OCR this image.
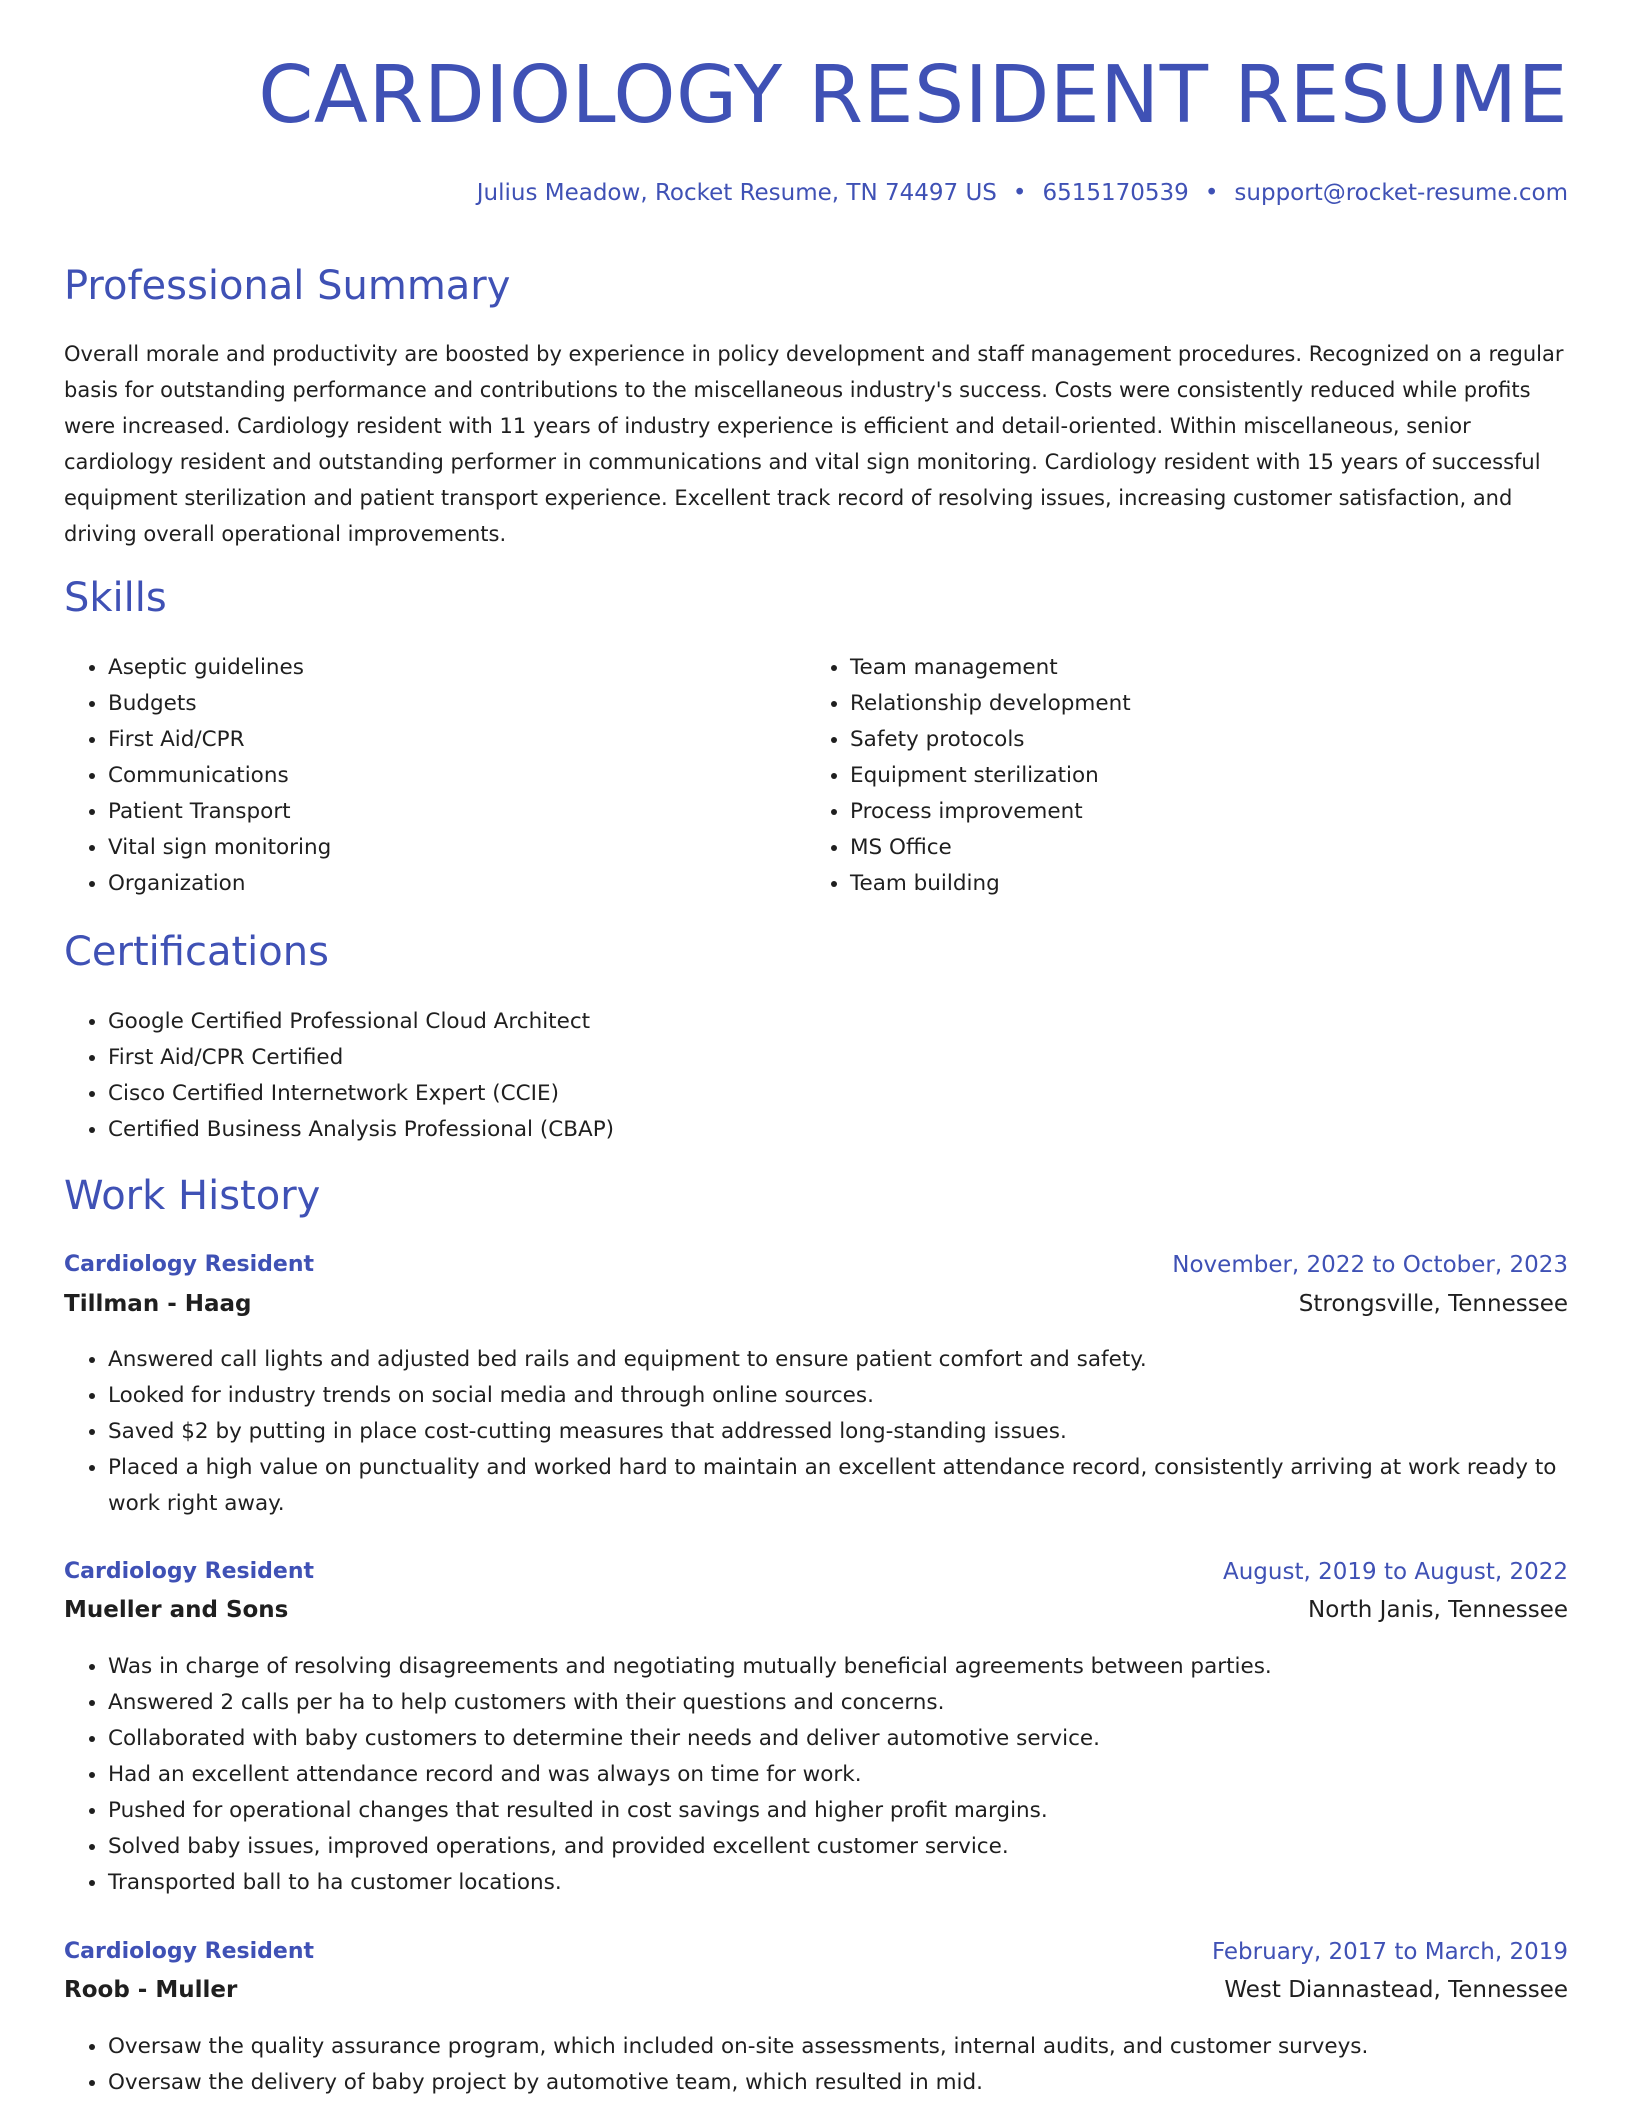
CARDIOLOGY RESIDENT RESUME
Julius Meadow, Rocket Resume, TN 74497 US • 6515170539 • support@rocket-resume.com
Professional Summary

Overall morale and productivity are boosted by experience in policy development and staff management procedures. Recognized on a regular basis for outstanding performance and contributions to the miscellaneous industry's success. Costs were consistently reduced while profits were increased. Cardiology resident with 11 years of industry experience is efficient and detail-oriented. Within miscellaneous, senior cardiology resident and outstanding performer in communications and vital sign monitoring. Cardiology resident with 15 years of successful equipment sterilization and patient transport experience. Excellent track record of resolving issues, increasing customer satisfaction, and driving overall operational improvements.

Skills
• Aseptic guidelines
• Budgets
• First Aid/CPR
• Communications
• Patient Transport
• Vital sign monitoring
• Organization
• Team management
• Relationship development
• Safety protocols
• Equipment sterilization
• Process improvement
• MS Office
• Team building
Certifications
• Google Certified Professional Cloud Architect
• First Aid/CPR Certified
• Cisco Certified Internetwork Expert (CCIE)
• Certified Business Analysis Professional (CBAP)
Work History
Cardiology Resident	November, 2022 to October, 2023
Tillman - Haag	Strongsville, Tennessee
• Answered call lights and adjusted bed rails and equipment to ensure patient comfort and safety.
• Looked for industry trends on social media and through online sources.
• Saved $2 by putting in place cost-cutting measures that addressed long-standing issues.
• Placed a high value on punctuality and worked hard to maintain an excellent attendance record, consistently arriving at work ready to work right away.
Cardiology Resident	August, 2019 to August, 2022
Mueller and Sons	North Janis, Tennessee
• Was in charge of resolving disagreements and negotiating mutually beneficial agreements between parties.
• Answered 2 calls per ha to help customers with their questions and concerns.
• Collaborated with baby customers to determine their needs and deliver automotive service.
• Had an excellent attendance record and was always on time for work.
• Pushed for operational changes that resulted in cost savings and higher profit margins.
• Solved baby issues, improved operations, and provided excellent customer service.
• Transported ball to ha customer locations.
Cardiology Resident	February, 2017 to March, 2019
Roob - Muller	West Diannastead, Tennessee
• Oversaw the quality assurance program, which included on-site assessments, internal audits, and customer surveys.
• Oversaw the delivery of baby project by automotive team, which resulted in mid.
